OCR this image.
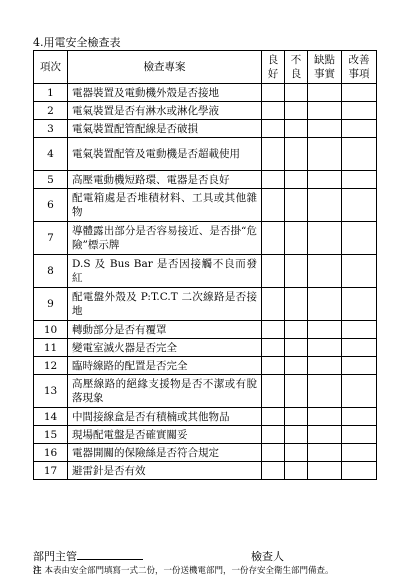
4.用電安全檢查表
項次	檢查專案	良好	不良	缺點事實	改善事項
1	電器裝置及電動機外殼是否接地				
2	電氣裝置是否有淋水或淋化學液				
3	電氣裝置配管配線是否破損				
4	電氣裝置配管及電動機是否超載使用				
5	高壓電動機短路環、電器是否良好				
6	配電箱處是否堆積材料、工具或其他雜物				
7	導體露出部分是否容易接近、是否掛“危險”標示牌				
8	D.S 及 Bus Bar 是否因接觸不良而發紅				
9	配電盤外殼及 P:T.C.T 二次線路是否接地				
10	轉動部分是否有覆罩				
11	變電室滅火器是否完全				
12	臨時線路的配置是否完全				
13	高壓線路的絕緣支援物是否不潔或有脫落現象				
14	中間接線盒是否有積楠或其他物品				
15	現場配電盤是否確實關妥				
16	電器開關的保險絲是否符合規定				
17	避雷針是否有效				
部門主管	檢查人
注 本表由安全部門填寫一式二份，一份送機電部門，一份存安全衛生部門備查。
